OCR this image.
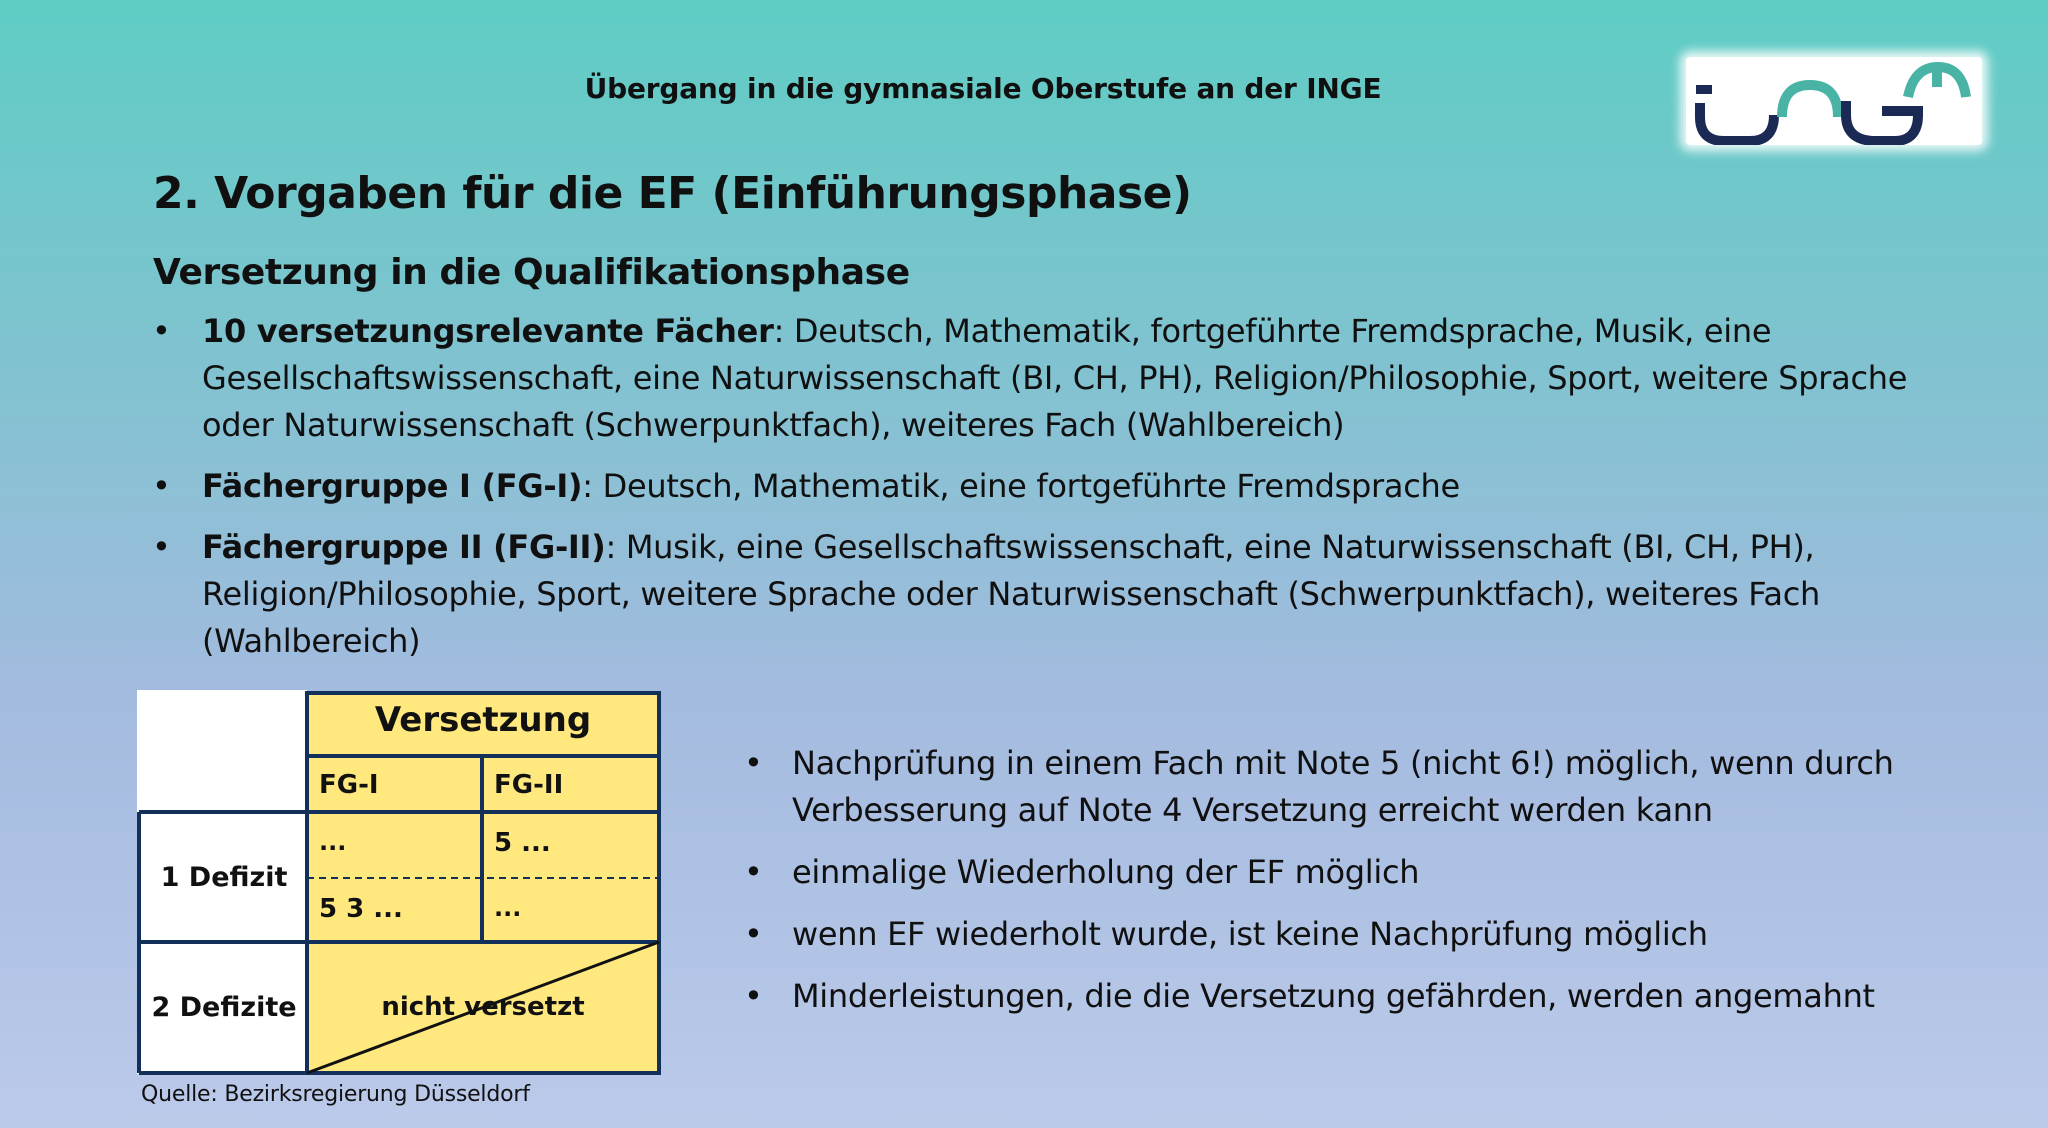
Übergang in die gymnasiale Oberstufe an der INGE
2. Vorgaben für die EF (Einführungsphase)
Versetzung in die Qualifikationsphase
• 10 versetzungsrelevante Fächer: Deutsch, Mathematik, fortgeführte Fremdsprache, Musik, eine Gesellschaftswissenschaft, eine Naturwissenschaft (BI, CH, PH), Religion/Philosophie, Sport, weitere Sprache oder Naturwissenschaft (Schwerpunktfach), weiteres Fach (Wahlbereich)
• Fächergruppe I (FG-I): Deutsch, Mathematik, eine fortgeführte Fremdsprache
• Fächergruppe II (FG-II): Musik, eine Gesellschaftswissenschaft, eine Naturwissenschaft (BI, CH, PH), Religion/Philosophie, Sport, weitere Sprache oder Naturwissenschaft (Schwerpunktfach), weiteres Fach (Wahlbereich)
Versetzung
FG-I	FG-II
1 Defizit
...	5 ...
5 3 ...	...
2 Defizite	nicht versetzt
Quelle: Bezirksregierung Düsseldorf
• Nachprüfung in einem Fach mit Note 5 (nicht 6!) möglich, wenn durch Verbesserung auf Note 4 Versetzung erreicht werden kann
• einmalige Wiederholung der EF möglich
• wenn EF wiederholt wurde, ist keine Nachprüfung möglich
• Minderleistungen, die die Versetzung gefährden, werden angemahnt
